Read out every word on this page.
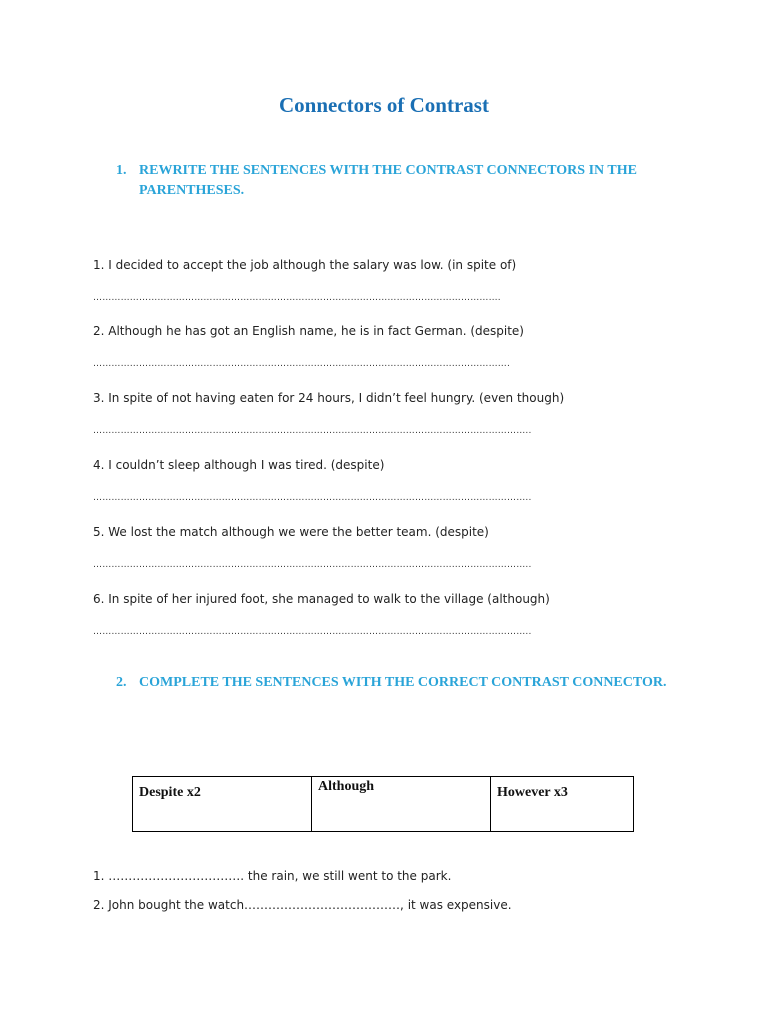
Connectors of Contrast
1. REWRITE THE SENTENCES WITH THE CONTRAST CONNECTORS IN THE PARENTHESES.
1. I decided to accept the job although the salary was low. (in spite of)
…………………………………………………………………………………………………………………….
2. Although he has got an English name, he is in fact German. (despite)
……………………………………………………………………………………………………………………….
3. In spite of not having eaten for 24 hours, I didn’t feel hungry. (even though)
……………………………………………………………………………………………………………………………..
4. I couldn’t sleep although I was tired. (despite)
……………………………………………………………………………………………………………………………..
5. We lost the match although we were the better team. (despite)
……………………………………………………………………………………………………………………………..
6. In spite of her injured foot, she managed to walk to the village (although)
……………………………………………………………………………………………………………………………..
2. COMPLETE THE SENTENCES WITH THE CORRECT CONTRAST CONNECTOR.
Despite x2	Although	However x3
1. ……………………………. the rain, we still went to the park.
2. John bought the watch…………………………………, it was expensive.
